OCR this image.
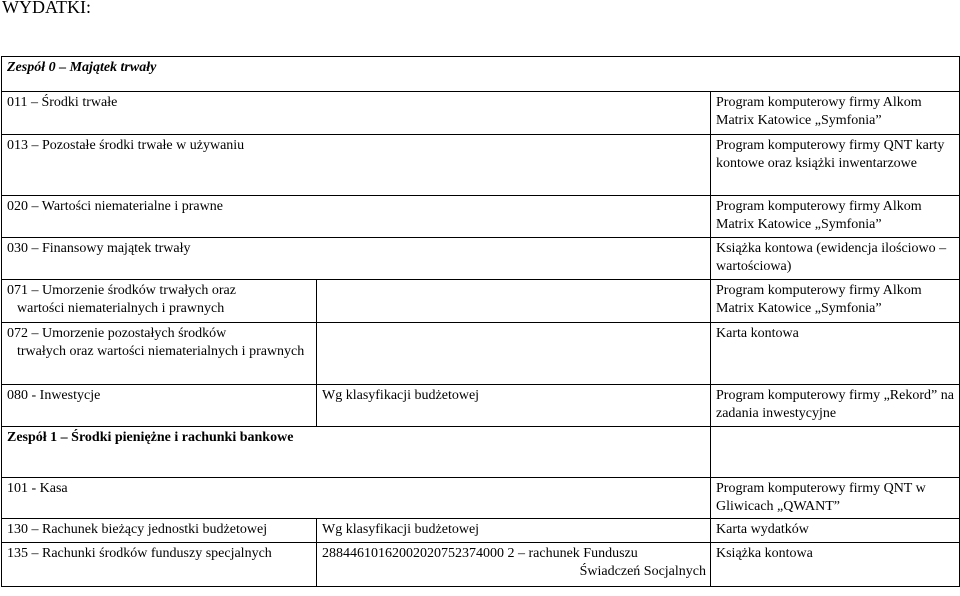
WYDATKI:
Zespół 0 – Majątek trwały		
011 – Środki trwałe		Program komputerowy firmy Alkom Matrix Katowice „Symfonia”
013 – Pozostałe środki trwałe w używaniu		Program komputerowy firmy QNT karty kontowe oraz książki inwentarzowe
020 – Wartości niematerialne i prawne		Program komputerowy firmy Alkom Matrix Katowice „Symfonia”
030 – Finansowy majątek trwały		Książka kontowa (ewidencja ilościowo – wartościowa)

071 – Umorzenie środków trwałych oraz
wartości niematerialnych i prawnych		Program komputerowy firmy Alkom Matrix Katowice „Symfonia”

072 – Umorzenie pozostałych środków
trwałych oraz wartości niematerialnych i prawnych		Karta kontowa
080 - Inwestycje	Wg klasyfikacji budżetowej	Program komputerowy firmy „Rekord” na zadania inwestycyjne
Zespół 1 – Środki pieniężne i rachunki bankowe		
101 - Kasa		Program komputerowy firmy QNT w Gliwicach „QWANT”
130 – Rachunek bieżący jednostki budżetowej	Wg klasyfikacji budżetowej	Karta wydatków
135 – Rachunki środków funduszy specjalnych	28844610162002020752374000 2 – rachunek Funduszu
Świadczeń Socjalnych	Książka kontowa
